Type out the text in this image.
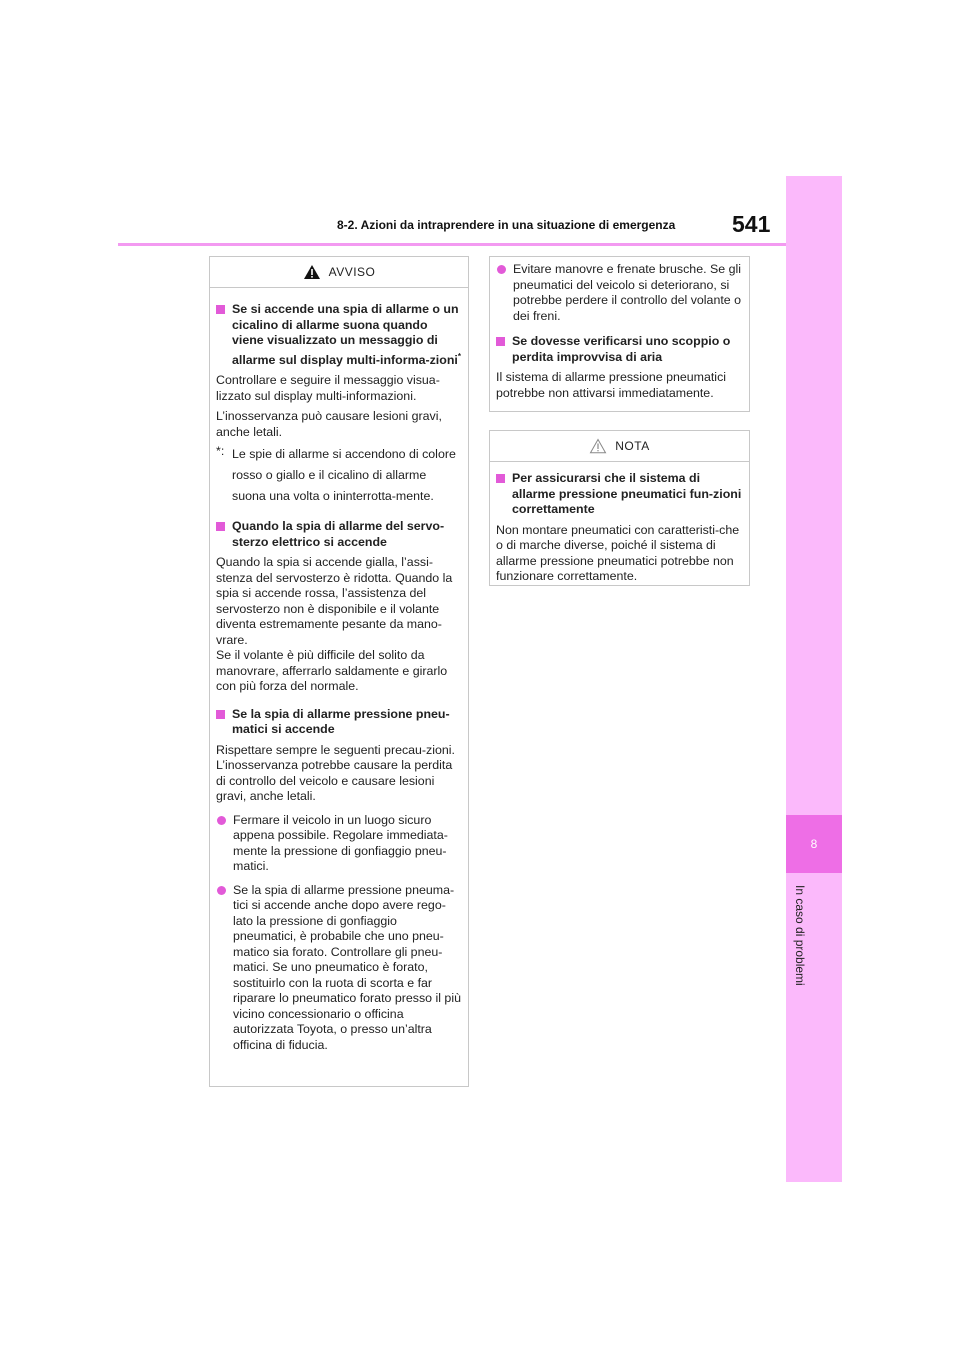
8-2. Azioni da intraprendere in una situazione di emergenza 541
8
In caso di problemi
AVVISO
Se si accende una spia di allarme o un cicalino di allarme suona quando viene visualizzato un messaggio di allarme sul display multi-informa-zioni*

Controllare e seguire il messaggio visua-lizzato sul display multi-informazioni.

L’inosservanza può causare lesioni gravi, anche letali.

*: Le spie di allarme si accendono di colore rosso o giallo e il cicalino di allarme suona una volta o ininterrotta-mente.
Quando la spia di allarme del servo-sterzo elettrico si accende

Quando la spia si accende gialla, l’assi-stenza del servosterzo è ridotta. Quando la spia si accende rossa, l’assistenza del servosterzo non è disponibile e il volante diventa estremamente pesante da mano-vrare.

Se il volante è più difficile del solito da manovrare, afferrarlo saldamente e girarlo con più forza del normale.

Se la spia di allarme pressione pneu-matici si accende

Rispettare sempre le seguenti precau-zioni. L’inosservanza potrebbe causare la perdita di controllo del veicolo e causare lesioni gravi, anche letali.

Fermare il veicolo in un luogo sicuro appena possibile. Regolare immediata-mente la pressione di gonfiaggio pneu-matici.
Se la spia di allarme pressione pneuma-tici si accende anche dopo avere rego-lato la pressione di gonfiaggio pneumatici, è probabile che uno pneu-matico sia forato. Controllare gli pneu-matici. Se uno pneumatico è forato, sostituirlo con la ruota di scorta e far riparare lo pneumatico forato presso il più vicino concessionario o officina autorizzata Toyota, o presso un’altra officina di fiducia.
Evitare manovre e frenate brusche. Se gli pneumatici del veicolo si deteriorano, si potrebbe perdere il controllo del volante o dei freni.
Se dovesse verificarsi uno scoppio o perdita improvvisa di aria

Il sistema di allarme pressione pneumatici potrebbe non attivarsi immediatamente.

NOTA
Per assicurarsi che il sistema di allarme pressione pneumatici fun-zioni correttamente

Non montare pneumatici con caratteristi-che o di marche diverse, poiché il sistema di allarme pressione pneumatici potrebbe non funzionare correttamente.
